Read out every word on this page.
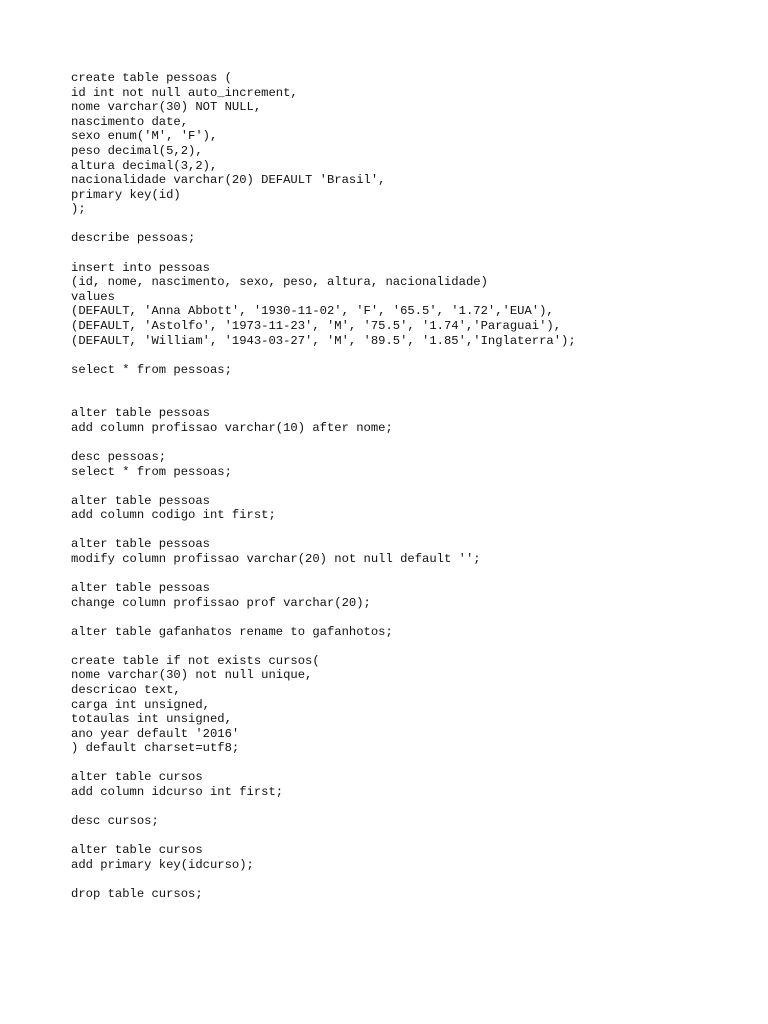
create table pessoas (
id int not null auto_increment,
nome varchar(30) NOT NULL,
nascimento date,
sexo enum('M', 'F'),
peso decimal(5,2),
altura decimal(3,2),
nacionalidade varchar(20) DEFAULT 'Brasil',
primary key(id)
);
describe pessoas;
insert into pessoas
(id, nome, nascimento, sexo, peso, altura, nacionalidade)
values
(DEFAULT, 'Anna Abbott', '1930-11-02', 'F', '65.5', '1.72','EUA'),
(DEFAULT, 'Astolfo', '1973-11-23', 'M', '75.5', '1.74','Paraguai'),
(DEFAULT, 'William', '1943-03-27', 'M', '89.5', '1.85','Inglaterra');
select * from pessoas;
alter table pessoas
add column profissao varchar(10) after nome;
desc pessoas;
select * from pessoas;
alter table pessoas
add column codigo int first;
alter table pessoas
modify column profissao varchar(20) not null default '';
alter table pessoas
change column profissao prof varchar(20);
alter table gafanhatos rename to gafanhotos;
create table if not exists cursos(
nome varchar(30) not null unique,
descricao text,
carga int unsigned,
totaulas int unsigned,
ano year default '2016'
) default charset=utf8;
alter table cursos
add column idcurso int first;
desc cursos;
alter table cursos
add primary key(idcurso);
drop table cursos;
